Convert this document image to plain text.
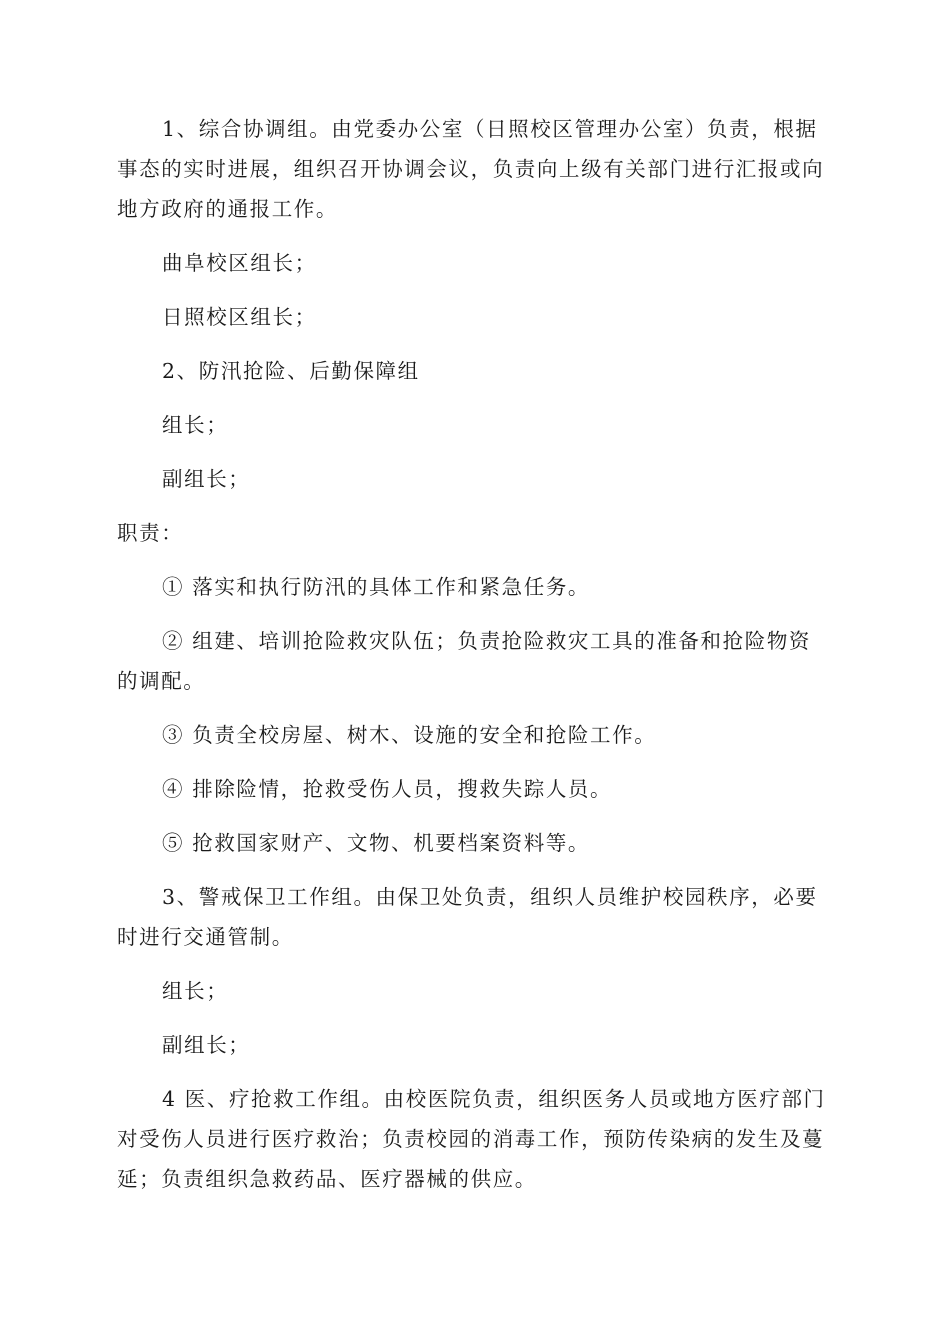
1、综合协调组。由党委办公室（日照校区管理办公室）负责，根据事态的实时进展，组织召开协调会议，负责向上级有关部门进行汇报或向地方政府的通报工作。

曲阜校区组长；

日照校区组长；

2、防汛抢险、后勤保障组

组长；

副组长；

职责：

① 落实和执行防汛的具体工作和紧急任务。

② 组建、培训抢险救灾队伍；负责抢险救灾工具的准备和抢险物资的调配。

③ 负责全校房屋、树木、设施的安全和抢险工作。

④ 排除险情，抢救受伤人员，搜救失踪人员。

⑤ 抢救国家财产、文物、机要档案资料等。

3、警戒保卫工作组。由保卫处负责，组织人员维护校园秩序，必要时进行交通管制。

组长；

副组长；

4 医、疗抢救工作组。由校医院负责，组织医务人员或地方医疗部门对受伤人员进行医疗救治；负责校园的消毒工作，预防传染病的发生及蔓延；负责组织急救药品、医疗器械的供应。
